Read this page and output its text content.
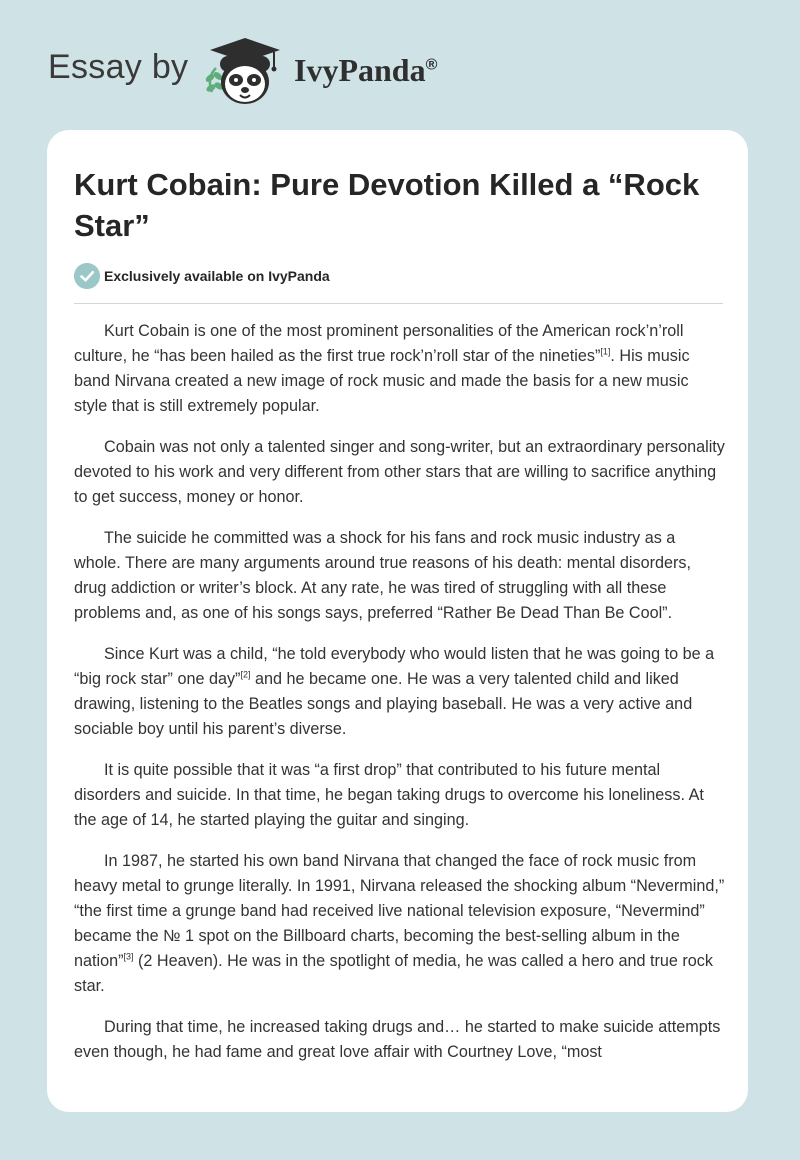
Essay by	IvyPanda®
Kurt Cobain: Pure Devotion Killed a “Rock Star”
Exclusively available on IvyPanda

Kurt Cobain is one of the most prominent personalities of the American rock’n’roll culture, he “has been hailed as the first true rock’n’roll star of the nineties”[1]. His music band Nirvana created a new image of rock music and made the basis for a new music style that is still extremely popular.

Cobain was not only a talented singer and song-writer, but an extraordinary personality devoted to his work and very different from other stars that are willing to sacrifice anything to get success, money or honor.

The suicide he committed was a shock for his fans and rock music industry as a whole. There are many arguments around true reasons of his death: mental disorders, drug addiction or writer’s block. At any rate, he was tired of struggling with all these problems and, as one of his songs says, preferred “Rather Be Dead Than Be Cool”.

Since Kurt was a child, “he told everybody who would listen that he was going to be a “big rock star” one day”[2] and he became one. He was a very talented child and liked drawing, listening to the Beatles songs and playing baseball. He was a very active and sociable boy until his parent’s diverse.

It is quite possible that it was “a first drop” that contributed to his future mental disorders and suicide. In that time, he began taking drugs to overcome his loneliness. At the age of 14, he started playing the guitar and singing.

In 1987, he started his own band Nirvana that changed the face of rock music from heavy metal to grunge literally. In 1991, Nirvana released the shocking album “Nevermind,” “the first time a grunge band had received live national television exposure, “Nevermind” became the № 1 spot on the Billboard charts, becoming the best-selling album in the nation”[3] (2 Heaven). He was in the spotlight of media, he was called a hero and true rock star.

During that time, he increased taking drugs and… he started to make suicide attempts even though, he had fame and great love affair with Courtney Love, “most
